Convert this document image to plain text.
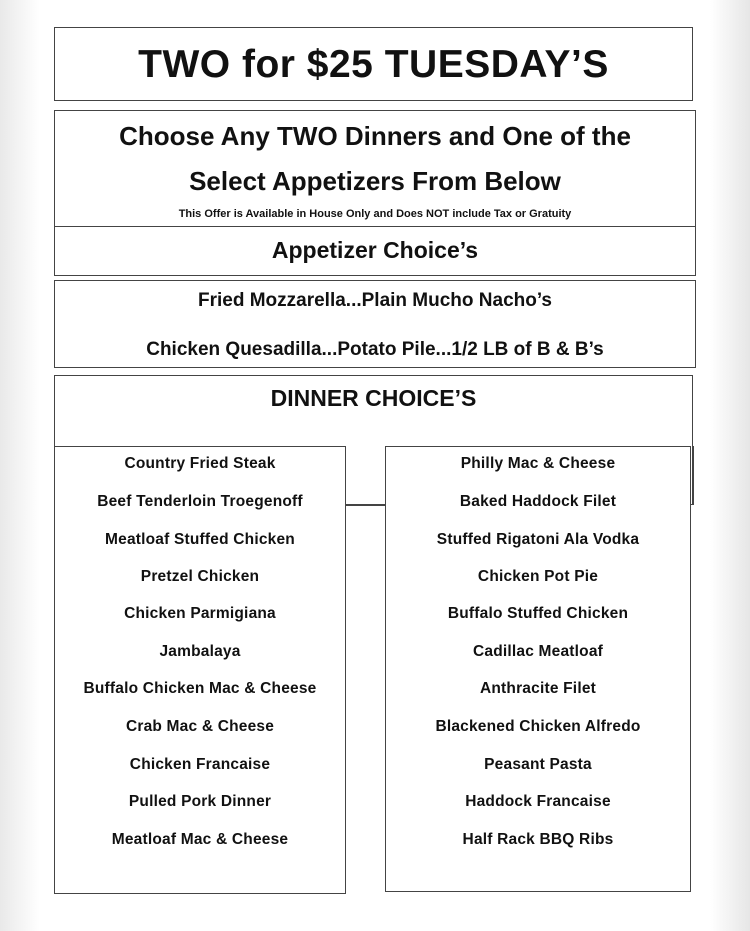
TWO for $25 TUESDAY’S
Choose Any TWO Dinners and One of the
Select Appetizers From Below
This Offer is Available in House Only and Does NOT include Tax or Gratuity
Appetizer Choice’s
Fried Mozzarella...Plain Mucho Nacho’s
Chicken Quesadilla...Potato Pile...1/2 LB of B & B’s
DINNER CHOICE’S
Country Fried Steak
Beef Tenderloin Troegenoff
Meatloaf Stuffed Chicken
Pretzel Chicken
Chicken Parmigiana
Jambalaya
Buffalo Chicken Mac & Cheese
Crab Mac & Cheese
Chicken Francaise
Pulled Pork Dinner
Meatloaf Mac & Cheese
Philly Mac & Cheese
Baked Haddock Filet
Stuffed Rigatoni Ala Vodka
Chicken Pot Pie
Buffalo Stuffed Chicken
Cadillac Meatloaf
Anthracite Filet
Blackened Chicken Alfredo
Peasant Pasta
Haddock Francaise
Half Rack BBQ Ribs
